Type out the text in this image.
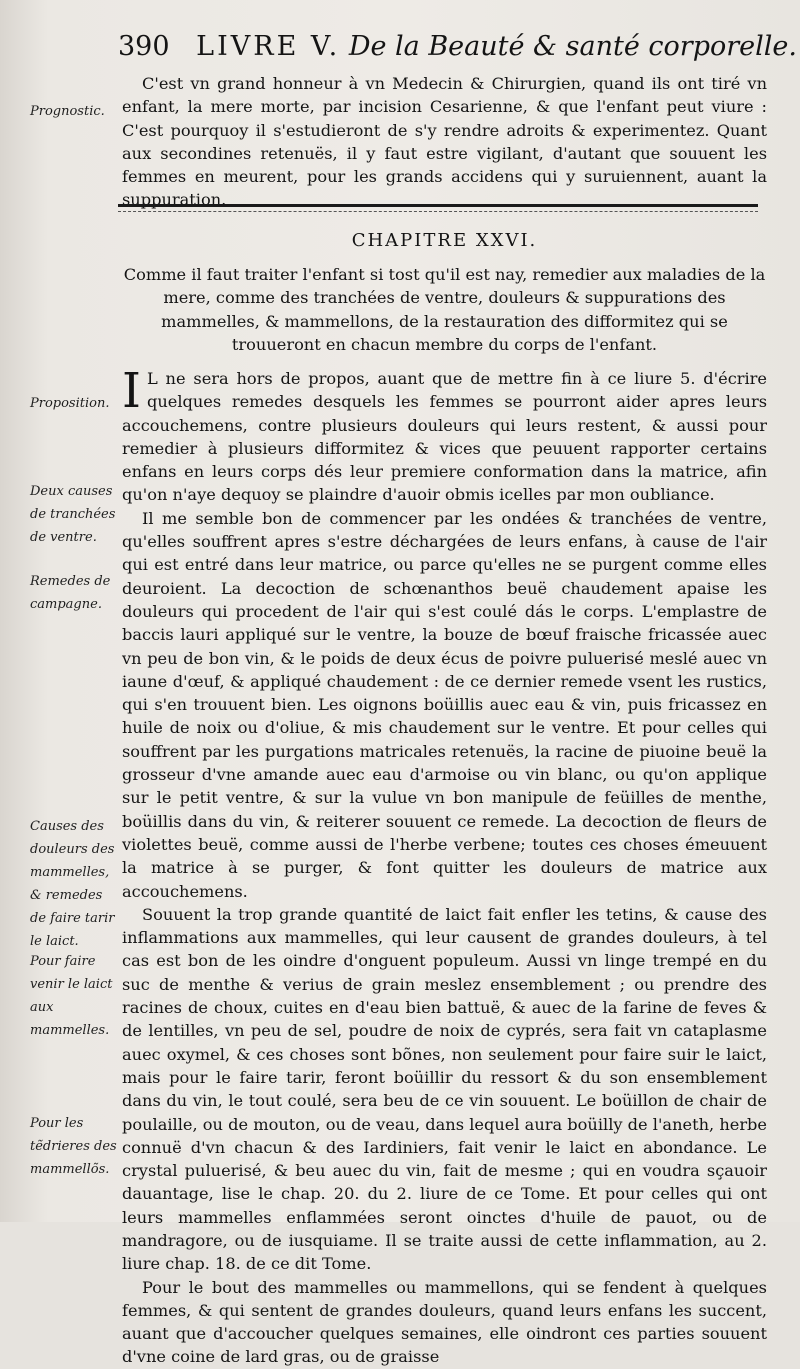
390 LIVRE V. De la Beauté & santé corporelle.
Prognostic.

C'est vn grand honneur à vn Medecin & Chirurgien, quand ils ont tiré vn enfant, la mere morte, par incision Cesarienne, & que l'enfant peut viure : C'est pourquoy il s'estudieront de s'y rendre adroits & experimentez. Quant aux secondines retenuës, il y faut estre vigilant, d'autant que souuent les femmes en meurent, pour les grands accidens qui y suruiennent, auant la suppuration.

CHAPITRE XXVI.
Comme il faut traiter l'enfant si tost qu'il est nay, remedier aux maladies de la mere, comme des tranchées de ventre, douleurs & suppurations des mammelles, & mammellons, de la restauration des difformitez qui se trouueront en chacun membre du corps de l'enfant.
Proposition.
Deux causes de tranchées de ventre.
Remedes de campagne.
Causes des douleurs des mammelles, & remedes de faire tarir le laict.
Pour faire venir le laict aux mammelles.
Pour les tẽdrieres des mammellõs.

I L ne sera hors de propos, auant que de mettre fin à ce liure 5. d'écrire quelques remedes desquels les femmes se pourront aider apres leurs accouchemens, contre plusieurs douleurs qui leurs restent, & aussi pour remedier à plusieurs difformitez & vices que peuuent rapporter certains enfans en leurs corps dés leur premiere conformation dans la matrice, afin qu'on n'aye dequoy se plaindre d'auoir obmis icelles par mon oubliance.

Il me semble bon de commencer par les ondées & tranchées de ventre, qu'elles souffrent apres s'estre déchargées de leurs enfans, à cause de l'air qui est entré dans leur matrice, ou parce qu'elles ne se purgent comme elles deuroient. La decoction de schœnanthos beuë chaudement apaise les douleurs qui procedent de l'air qui s'est coulé dás le corps. L'emplastre de baccis lauri appliqué sur le ventre, la bouze de bœuf fraische fricassée auec vn peu de bon vin, & le poids de deux écus de poivre puluerisé meslé auec vn iaune d'œuf, & appliqué chaudement : de ce dernier remede vsent les rustics, qui s'en trouuent bien. Les oignons boüillis auec eau & vin, puis fricassez en huile de noix ou d'oliue, & mis chaudement sur le ventre. Et pour celles qui souffrent par les purgations matricales retenuës, la racine de piuoine beuë la grosseur d'vne amande auec eau d'armoise ou vin blanc, ou qu'on applique sur le petit ventre, & sur la vulue vn bon manipule de feüilles de menthe, boüillis dans du vin, & reiterer souuent ce remede. La decoction de fleurs de violettes beuë, comme aussi de l'herbe verbene; toutes ces choses émeuuent la matrice à se purger, & font quitter les douleurs de matrice aux accouchemens.

Souuent la trop grande quantité de laict fait enfler les tetins, & cause des inflammations aux mammelles, qui leur causent de grandes douleurs, à tel cas est bon de les oindre d'onguent populeum. Aussi vn linge trempé en du suc de menthe & verius de grain meslez ensemblement ; ou prendre des racines de choux, cuites en d'eau bien battuë, & auec de la farine de feves & de lentilles, vn peu de sel, poudre de noix de cyprés, sera fait vn cataplasme auec oxymel, & ces choses sont bõnes, non seulement pour faire suir le laict, mais pour le faire tarir, feront boüillir du ressort & du son ensemblement dans du vin, le tout coulé, sera beu de ce vin souuent. Le boüillon de chair de poulaille, ou de mouton, ou de veau, dans lequel aura boüilly de l'aneth, herbe connuë d'vn chacun & des Iardiniers, fait venir le laict en abondance. Le crystal puluerisé, & beu auec du vin, fait de mesme ; qui en voudra sçauoir dauantage, lise le chap. 20. du 2. liure de ce Tome. Et pour celles qui ont leurs mammelles enflammées seront oinctes d'huile de pauot, ou de mandragore, ou de iusquiame. Il se traite aussi de cette inflammation, au 2. liure chap. 18. de ce dit Tome.

Pour le bout des mammelles ou mammellons, qui se fendent à quelques femmes, & qui sentent de grandes douleurs, quand leurs enfans les succent, auant que d'accoucher quelques semaines, elle oindront ces parties souuent d'vne coine de lard gras, ou de graisse
